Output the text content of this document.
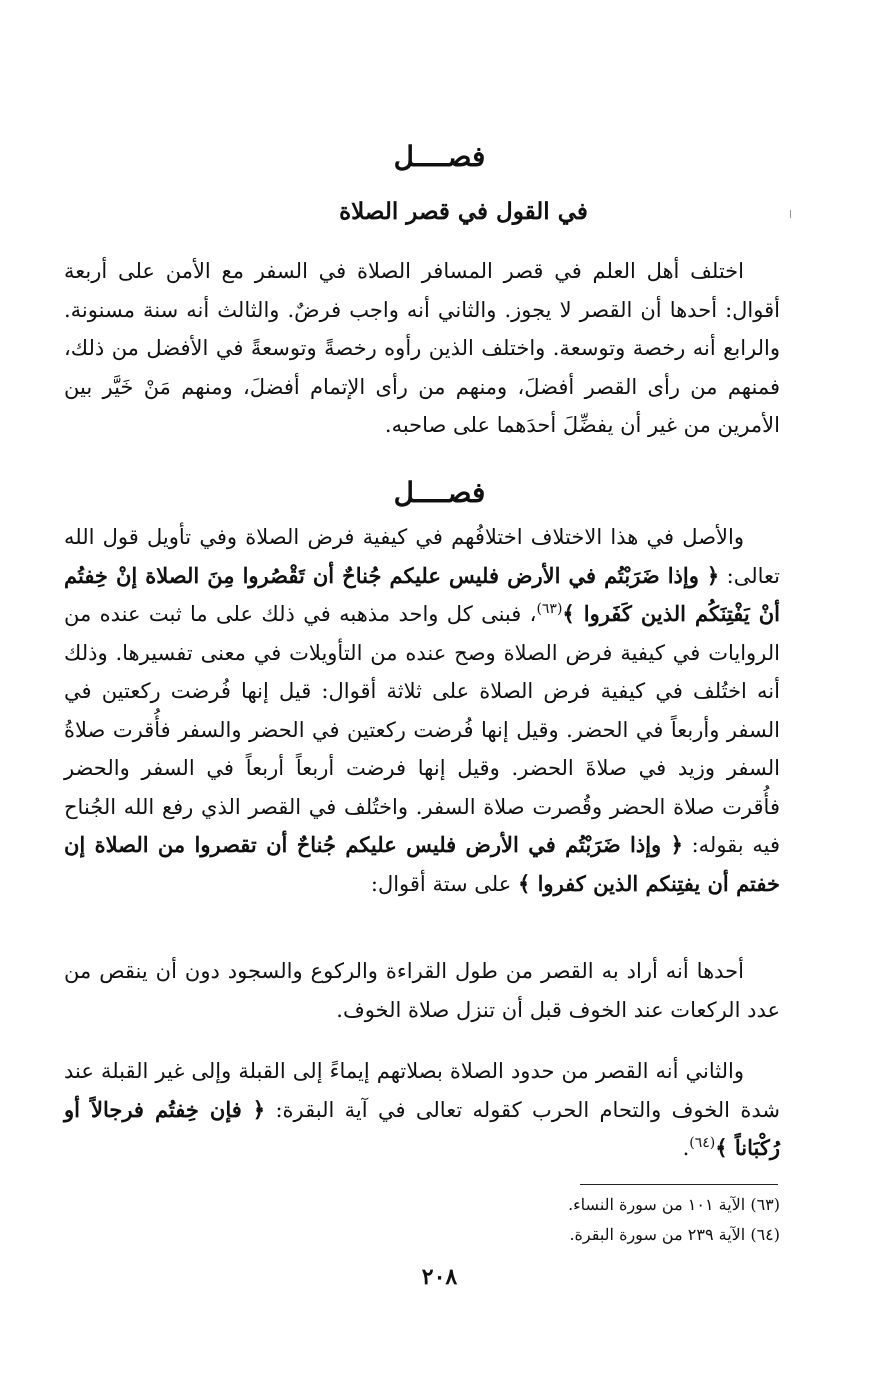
فصــــل
في القول في قصر الصلاة

اختلف أهل العلم في قصر المسافر الصلاة في السفر مع الأمن على أربعة أقوال: أحدها أن القصر لا يجوز. والثاني أنه واجب فرضٌ. والثالث أنه سنة مسنونة. والرابع أنه رخصة وتوسعة. واختلف الذين رأوه رخصةً وتوسعةً في الأفضل من ذلك، فمنهم من رأى القصر أفضلَ، ومنهم من رأى الإتمام أفضلَ، ومنهم مَنْ خَيَّر بين الأمرين من غير أن يفضِّلَ أحدَهما على صاحبه.

فصــــل

والأصل في هذا الاختلاف اختلافُهم في كيفية فرض الصلاة وفي تأويل قول الله تعالى: ﴿ وإذا ضَرَبْتُم في الأرض فليس عليكم جُناحٌ أن تَقْصُروا مِنَ الصلاة إنْ خِفتُم أنْ يَفْتِنَكُم الذين كَفَروا ﴾$^{(٦٣)}$، فبنى كل واحد مذهبه في ذلك على ما ثبت عنده من الروايات في كيفية فرض الصلاة وصح عنده من التأويلات في معنى تفسيرها. وذلك أنه اختُلف في كيفية فرض الصلاة على ثلاثة أقوال: قيل إنها فُرضت ركعتين في السفر وأربعاً في الحضر. وقيل إنها فُرضت ركعتين في الحضر والسفر فأُقرت صلاةُ السفر وزيد في صلاةَ الحضر. وقيل إنها فرضت أربعاً أربعاً في السفر والحضر فأُقرت صلاة الحضر وقُصرت صلاة السفر. واختُلف في القصر الذي رفع الله الجُناح فيه بقوله: ﴿ وإذا ضَرَبْتُم في الأرض فليس عليكم جُناحٌ أن تقصروا من الصلاة إن خفتم أن يفتِنكم الذين كفروا ﴾ على ستة أقوال:

أحدها أنه أراد به القصر من طول القراءة والركوع والسجود دون أن ينقص من عدد الركعات عند الخوف قبل أن تنزل صلاة الخوف.

والثاني أنه القصر من حدود الصلاة بصلاتهم إيماءً إلى القبلة وإلى غير القبلة عند شدة الخوف والتحام الحرب كقوله تعالى في آية البقرة: ﴿ فإن خِفتُم فرجالاً أو رُكْبَاناً ﴾$^{(٦٤)}$.

(٦٣) الآية ١٠١ من سورة النساء.
(٦٤) الآية ٢٣٩ من سورة البقرة.
٢٠٨
